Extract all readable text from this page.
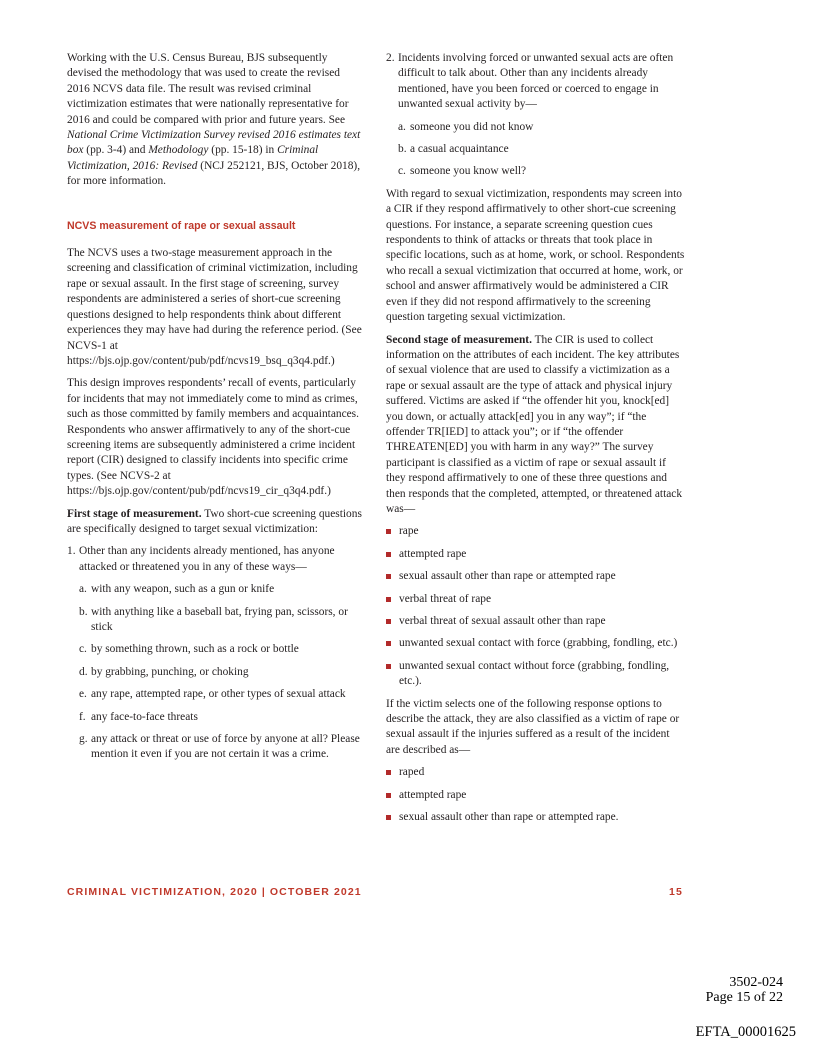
Working with the U.S. Census Bureau, BJS subsequently devised the methodology that was used to create the revised 2016 NCVS data file. The result was revised criminal victimization estimates that were nationally representative for 2016 and could be compared with prior and future years. See National Crime Victimization Survey revised 2016 estimates text box (pp. 3-4) and Methodology (pp. 15-18) in Criminal Victimization, 2016: Revised (NCJ 252121, BJS, October 2018), for more information.

NCVS measurement of rape or sexual assault

The NCVS uses a two-stage measurement approach in the screening and classification of criminal victimization, including rape or sexual assault. In the first stage of screening, survey respondents are administered a series of short-cue screening questions designed to help respondents think about different experiences they may have had during the reference period. (See NCVS-1 at https://bjs.ojp.gov/content/pub/pdf/ncvs19_bsq_q3q4.pdf.)

This design improves respondents’ recall of events, particularly for incidents that may not immediately come to mind as crimes, such as those committed by family members and acquaintances. Respondents who answer affirmatively to any of the short-cue screening items are subsequently administered a crime incident report (CIR) designed to classify incidents into specific crime types. (See NCVS-2 at https://bjs.ojp.gov/content/pub/pdf/ncvs19_cir_q3q4.pdf.)

First stage of measurement. Two short-cue screening questions are specifically designed to target sexual victimization:

1. Other than any incidents already mentioned, has anyone attacked or threatened you in any of these ways—
a. with any weapon, such as a gun or knife
b. with anything like a baseball bat, frying pan, scissors, or stick
c. by something thrown, such as a rock or bottle
d. by grabbing, punching, or choking
e. any rape, attempted rape, or other types of sexual attack
f. any face-to-face threats
g. any attack or threat or use of force by anyone at all? Please mention it even if you are not certain it was a crime.
2. Incidents involving forced or unwanted sexual acts are often difficult to talk about. Other than any incidents already mentioned, have you been forced or coerced to engage in unwanted sexual activity by—
a. someone you did not know
b. a casual acquaintance
c. someone you know well?

With regard to sexual victimization, respondents may screen into a CIR if they respond affirmatively to other short-cue screening questions. For instance, a separate screening question cues respondents to think of attacks or threats that took place in specific locations, such as at home, work, or school. Respondents who recall a sexual victimization that occurred at home, work, or school and answer affirmatively would be administered a CIR even if they did not respond affirmatively to the screening question targeting sexual victimization.

Second stage of measurement. The CIR is used to collect information on the attributes of each incident. The key attributes of sexual violence that are used to classify a victimization as a rape or sexual assault are the type of attack and physical injury suffered. Victims are asked if “the offender hit you, knock[ed] you down, or actually attack[ed] you in any way”; if “the offender TR[IED] to attack you”; or if “the offender THREATEN[ED] you with harm in any way?” The survey participant is classified as a victim of rape or sexual assault if they respond affirmatively to one of these three questions and then responds that the completed, attempted, or threatened attack was—

rape
attempted rape
sexual assault other than rape or attempted rape
verbal threat of rape
verbal threat of sexual assault other than rape
unwanted sexual contact with force (grabbing, fondling, etc.)
unwanted sexual contact without force (grabbing, fondling, etc.).

If the victim selects one of the following response options to describe the attack, they are also classified as a victim of rape or sexual assault if the injuries suffered as a result of the incident are described as—

raped
attempted rape
sexual assault other than rape or attempted rape.
CRIMINAL VICTIMIZATION, 2020 | OCTOBER 2021	15
3502-024
Page 15 of 22
EFTA_00001625
